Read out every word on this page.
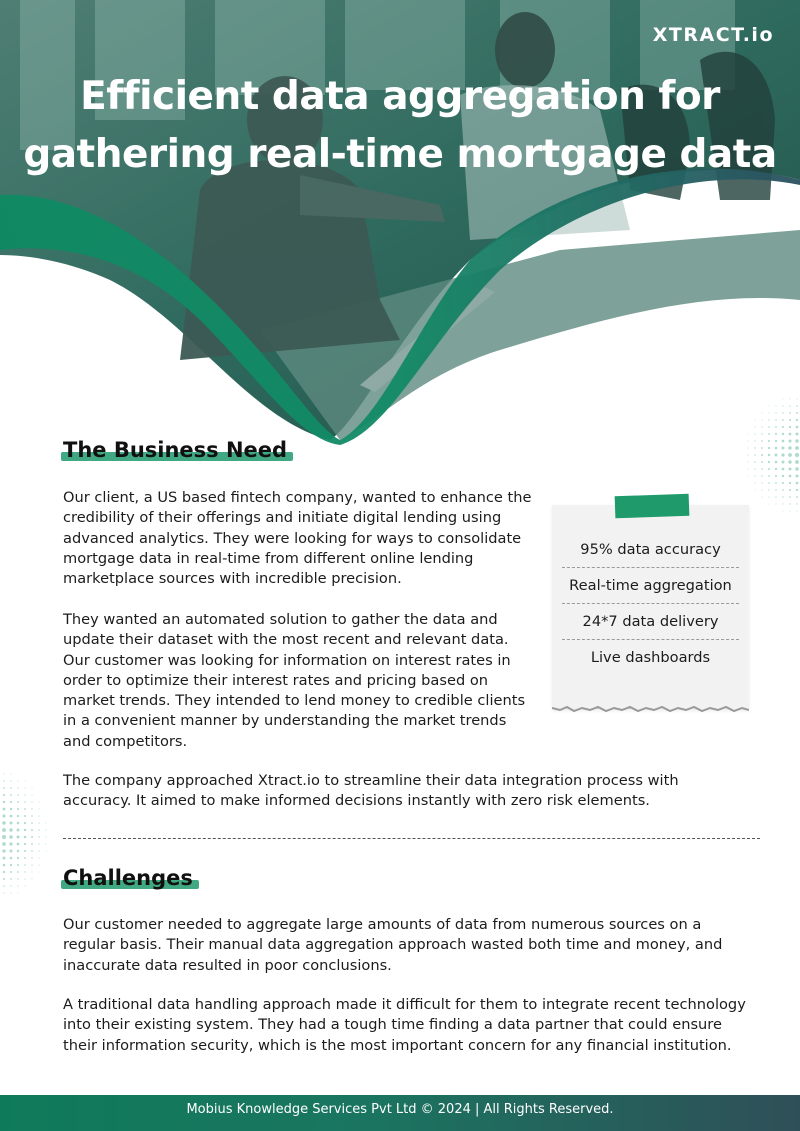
XTRACT.io
Efficient data aggregation for gathering real-time mortgage data
The Business Need

Our client, a US based fintech company, wanted to enhance the credibility of their offerings and initiate digital lending using advanced analytics. They were looking for ways to consolidate mortgage data in real-time from different online lending marketplace sources with incredible precision.

They wanted an automated solution to gather the data and update their dataset with the most recent and relevant data. Our customer was looking for information on interest rates in order to optimize their interest rates and pricing based on market trends. They intended to lend money to credible clients in a convenient manner by understanding the market trends and competitors.

95% data accuracy
Real-time aggregation
24*7 data delivery
Live dashboards

The company approached Xtract.io to streamline their data integration process with accuracy. It aimed to make informed decisions instantly with zero risk elements.

Challenges

Our customer needed to aggregate large amounts of data from numerous sources on a regular basis. Their manual data aggregation approach wasted both time and money, and inaccurate data resulted in poor conclusions.

A traditional data handling approach made it difficult for them to integrate recent technology into their existing system. They had a tough time finding a data partner that could ensure their information security, which is the most important concern for any financial institution.

Mobius Knowledge Services Pvt Ltd © 2024 | All Rights Reserved.
